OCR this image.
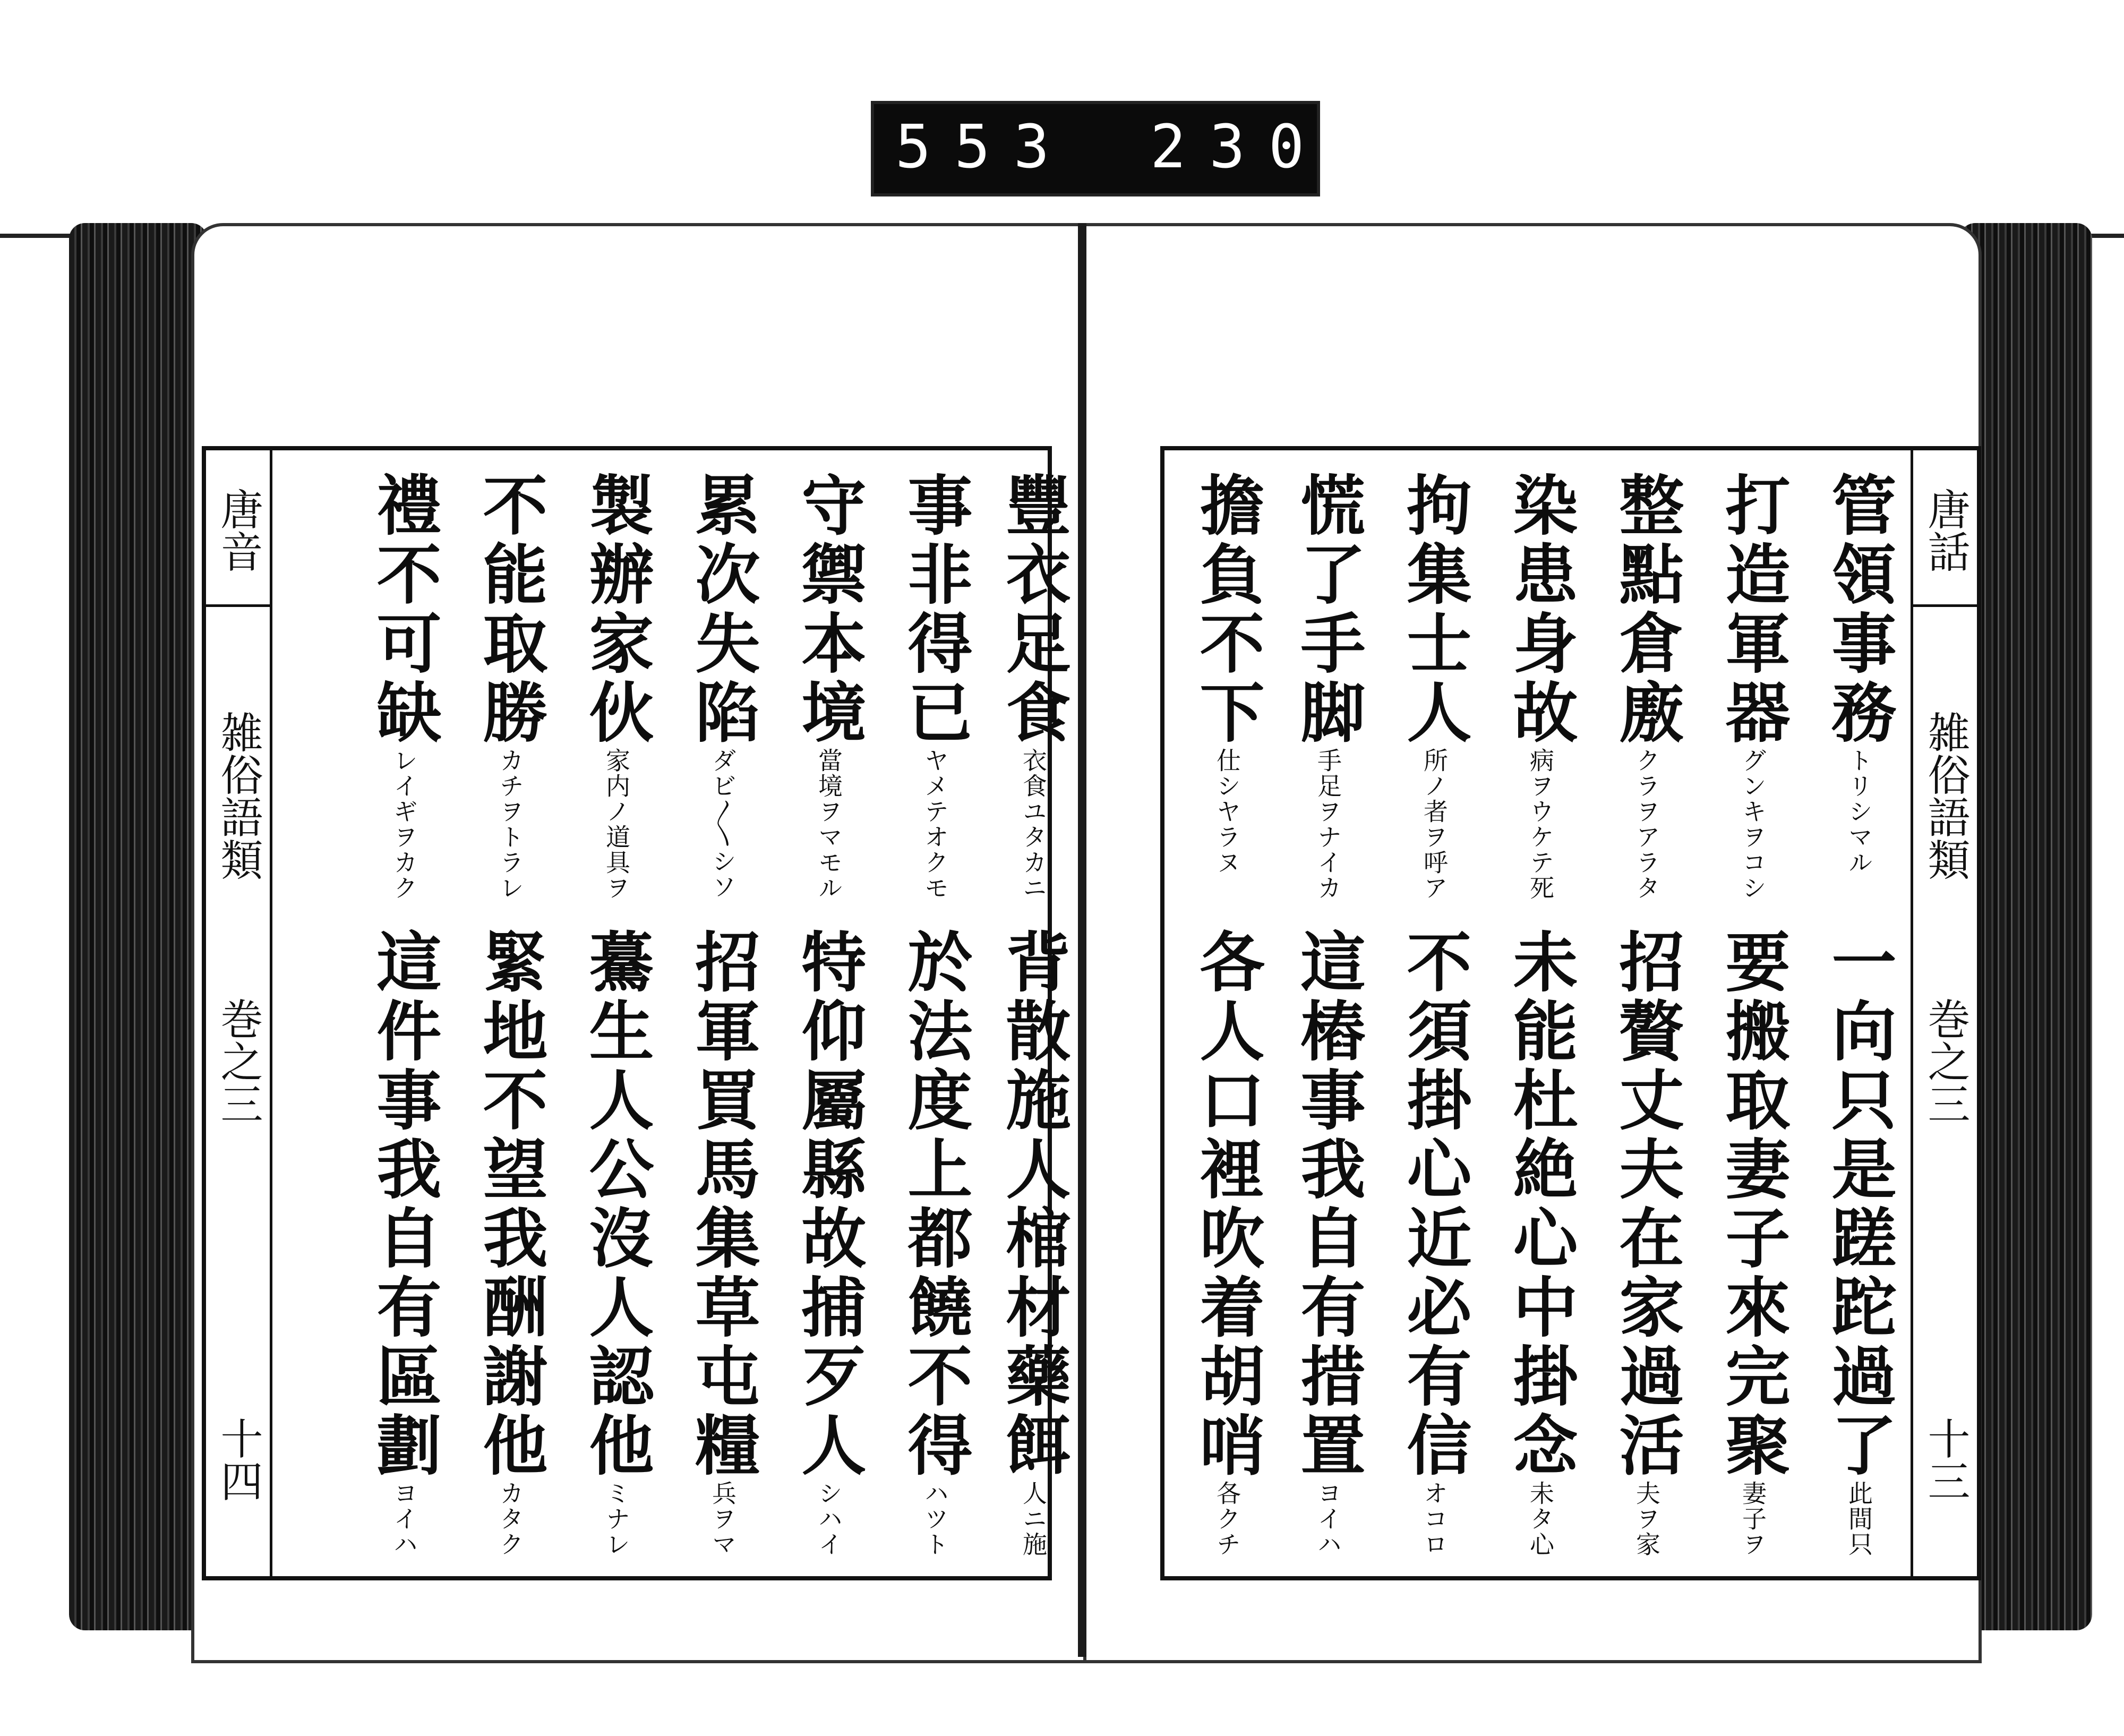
553 230.
唐音
雑俗語類
巻之三
十四
禮不可缺レイギヲカク
這件事我自有區劃ヨイハ
不能取勝カチヲトラレ
緊地不望我酬謝他カタク
製辦家伙家内ノ道具ヲ
驀生人公沒人認他ミナレ
累次失陷ダビ〳〵シソ
招軍買馬集草屯糧兵ヲマ
守禦本境當境ヲマモル
特仰屬縣故捕歹人シハイ
事非得已ヤメテオクモ
於法度上都饒不得ハツト
豐衣足食衣食ユタカニ
背散施人棺材藥餌人ニ施
唐話
雑俗語類
巻之三
十三
管領事務トリシマル
一向只是蹉跎過了此間只
打造軍器グンキヲコシ
要搬取妻子來完聚妻子ヲ
整點倉廒クラヲアラタ
招贅丈夫在家過活夫ヲ家
染患身故病ヲウケテ死
未能杜絶心中掛念未タ心
拘集士人所ノ者ヲ呼ア
不須掛心近必有信オコロ
慌了手脚手足ヲナイカ
這樁事我自有措置ヨイハ
擔負不下仕シヤラヌ
各人口裡吹着胡哨各クチ
